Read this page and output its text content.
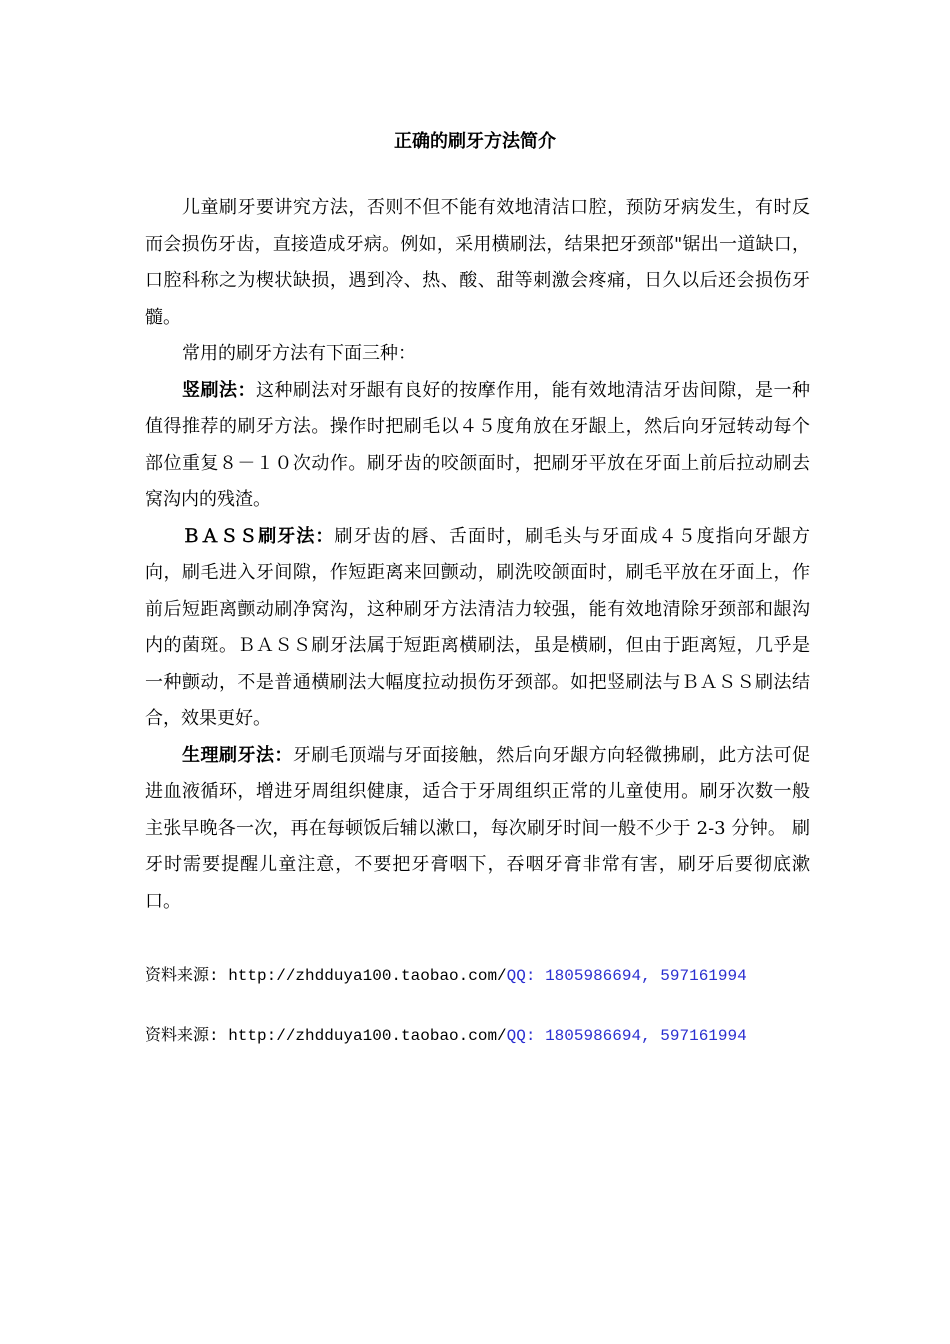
正确的刷牙方法简介

儿童刷牙要讲究方法，否则不但不能有效地清洁口腔，预防牙病发生，有时反而会损伤牙齿，直接造成牙病。例如，采用横刷法，结果把牙颈部"锯出一道缺口，口腔科称之为楔状缺损，遇到冷、热、酸、甜等刺激会疼痛，日久以后还会损伤牙髓。

常用的刷牙方法有下面三种：

竖刷法：这种刷法对牙龈有良好的按摩作用，能有效地清洁牙齿间隙，是一种值得推荐的刷牙方法。操作时把刷毛以４５度角放在牙龈上，然后向牙冠转动每个部位重复８－１０次动作。刷牙齿的咬颌面时，把刷牙平放在牙面上前后拉动刷去窝沟内的残渣。

ＢＡＳＳ刷牙法：刷牙齿的唇、舌面时，刷毛头与牙面成４５度指向牙龈方向，刷毛进入牙间隙，作短距离来回颤动，刷洗咬颌面时，刷毛平放在牙面上，作前后短距离颤动刷净窝沟，这种刷牙方法清洁力较强，能有效地清除牙颈部和龈沟内的菌斑。ＢＡＳＳ刷牙法属于短距离横刷法，虽是横刷，但由于距离短，几乎是一种颤动，不是普通横刷法大幅度拉动损伤牙颈部。如把竖刷法与ＢＡＳＳ刷法结合，效果更好。

生理刷牙法：牙刷毛顶端与牙面接触，然后向牙龈方向轻微拂刷，此方法可促进血液循环，增进牙周组织健康，适合于牙周组织正常的儿童使用。刷牙次数一般主张早晚各一次，再在每顿饭后辅以漱口，每次刷牙时间一般不少于 2-3 分钟。 刷牙时需要提醒儿童注意，不要把牙膏咽下，吞咽牙膏非常有害，刷牙后要彻底漱口。

资料来源: http://zhdduya100.taobao.com/QQ: 1805986694, 597161994
资料来源: http://zhdduya100.taobao.com/QQ: 1805986694, 597161994
